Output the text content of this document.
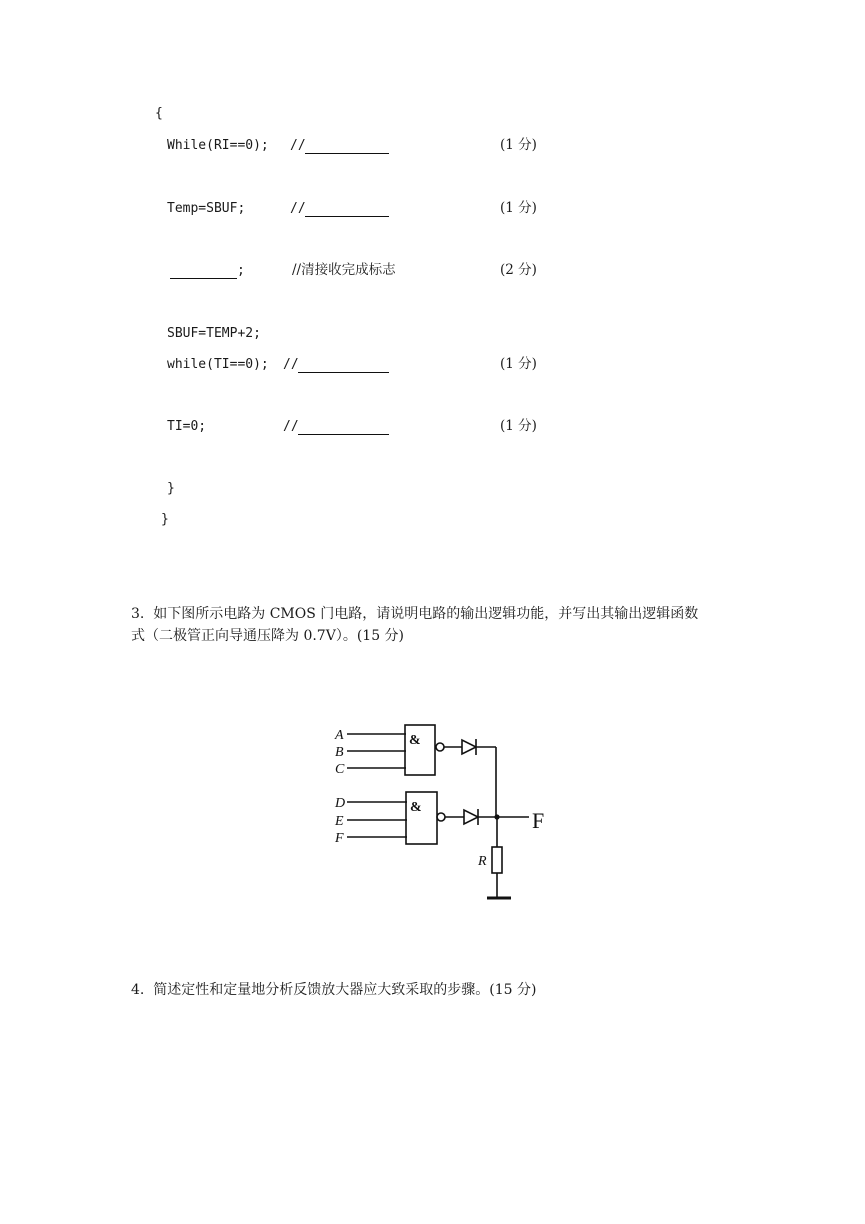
{
While(RI==0); //	(1 分)
Temp=SBUF;	//	(1 分)
;	//清接收完成标志	(2 分)
SBUF=TEMP+2;
while(TI==0); //	(1 分)
TI=0;	//	(1 分)
}
}
3.  如下图所示电路为 CMOS 门电路，请说明电路的输出逻辑功能，并写出其输出逻辑函数
式（二极管正向导通压降为 0.7V）。(15 分)
A
B
C
D
E
F
&
&
F
R
4.  简述定性和定量地分析反馈放大器应大致采取的步骤。(15 分)
